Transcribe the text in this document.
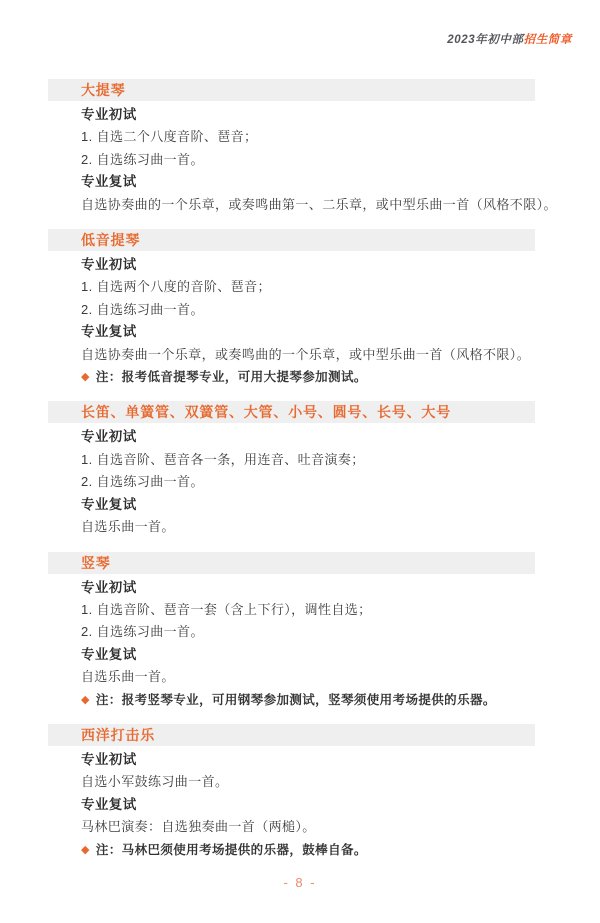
2023年初中部招生简章
大提琴
专业初试
1. 自选二个八度音阶、琶音；
2. 自选练习曲一首。
专业复试
自选协奏曲的一个乐章，或奏鸣曲第一、二乐章，或中型乐曲一首（风格不限）。
低音提琴
专业初试
1. 自选两个八度的音阶、琶音；
2. 自选练习曲一首。
专业复试
自选协奏曲一个乐章，或奏鸣曲的一个乐章，或中型乐曲一首（风格不限）。
◆ 注：报考低音提琴专业，可用大提琴参加测试。
长笛、单簧管、双簧管、大管、小号、圆号、长号、大号
专业初试
1. 自选音阶、琶音各一条，用连音、吐音演奏；
2. 自选练习曲一首。
专业复试
自选乐曲一首。
竖琴
专业初试
1. 自选音阶、琶音一套（含上下行），调性自选；
2. 自选练习曲一首。
专业复试
自选乐曲一首。
◆ 注：报考竖琴专业，可用钢琴参加测试，竖琴须使用考场提供的乐器。
西洋打击乐
专业初试
自选小军鼓练习曲一首。
专业复试
马林巴演奏：自选独奏曲一首（两槌）。
◆ 注：马林巴须使用考场提供的乐器，鼓棒自备。
- 8 -
